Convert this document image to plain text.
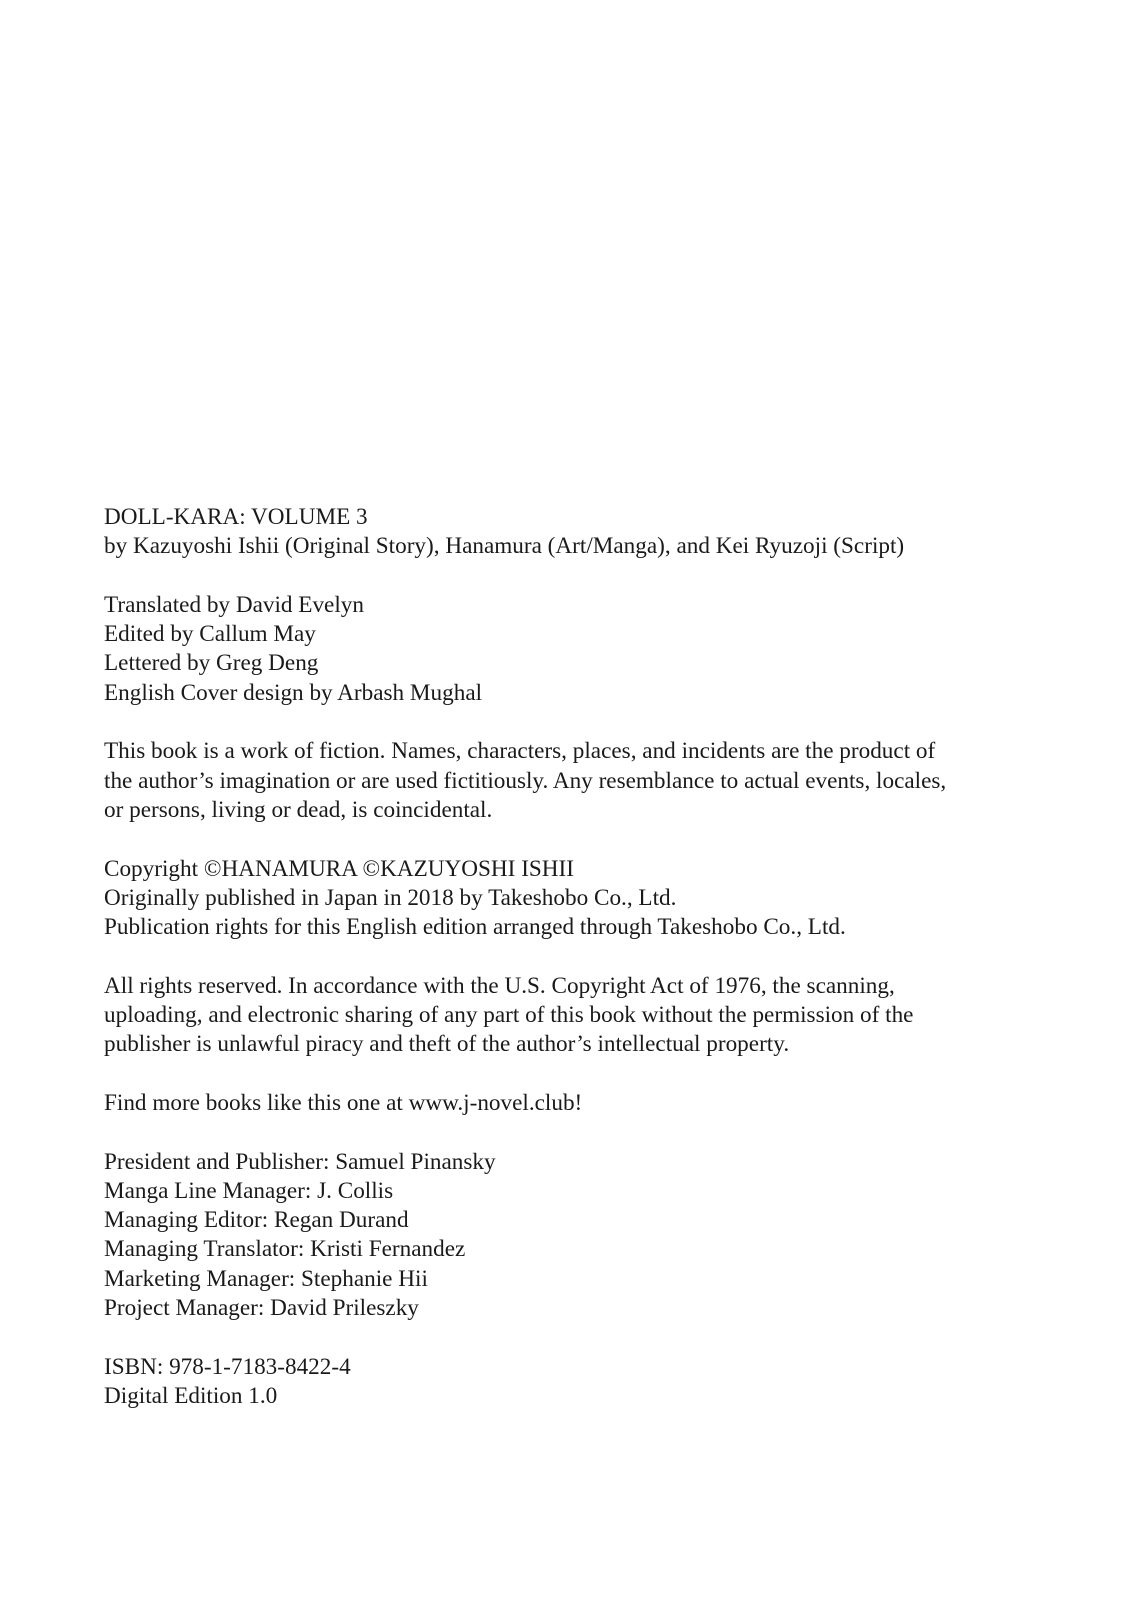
DOLL-KARA: VOLUME 3
by Kazuyoshi Ishii (Original Story), Hanamura (Art/Manga), and Kei Ryuzoji (Script)
Translated by David Evelyn
Edited by Callum May
Lettered by Greg Deng
English Cover design by Arbash Mughal
This book is a work of fiction. Names, characters, places, and incidents are the product of
the author’s imagination or are used fictitiously. Any resemblance to actual events, locales,
or persons, living or dead, is coincidental.
Copyright ©HANAMURA ©KAZUYOSHI ISHII
Originally published in Japan in 2018 by Takeshobo Co., Ltd.
Publication rights for this English edition arranged through Takeshobo Co., Ltd.
All rights reserved. In accordance with the U.S. Copyright Act of 1976, the scanning,
uploading, and electronic sharing of any part of this book without the permission of the
publisher is unlawful piracy and theft of the author’s intellectual property.
Find more books like this one at www.j-novel.club!
President and Publisher: Samuel Pinansky
Manga Line Manager: J. Collis
Managing Editor: Regan Durand
Managing Translator: Kristi Fernandez
Marketing Manager: Stephanie Hii
Project Manager: David Prileszky
ISBN: 978-1-7183-8422-4
Digital Edition 1.0
